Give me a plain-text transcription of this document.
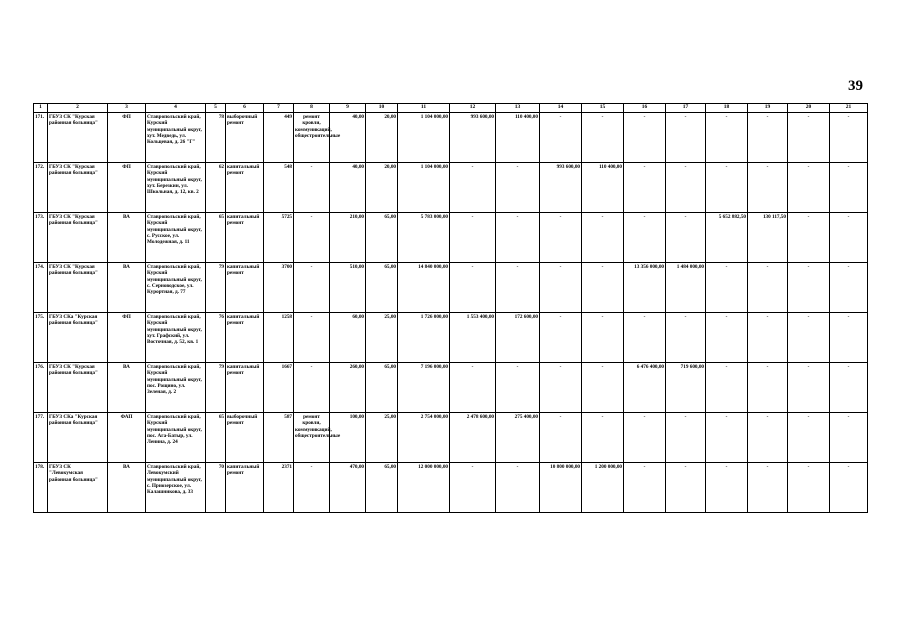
39
1	2	3	4	5	6	7	8	9	10	11	12	13	14	15	16	17	18	19	20	21
171.	ГБУЗ СК "Курская районная больница"	ФП	Ставропольский край, Курский муниципальный округ, хут. Медведь, ул. Кольцевая, д. 26 "Г"	78	выборочный ремонт	449	ремонт кровли, коммуникаций, общестроительные	40,00	20,00	1 104 000,00	993 600,00	110 400,00	-	-	-	-	-	-	-	-
172.	ГБУЗ СК "Курская районная больница"	ФП	Ставропольский край, Курский муниципальный округ, хут. Березкин, ул. Школьная, д. 12, кв. 2	62	капитальный ремонт	548	-	40,00	20,00	1 104 000,00	-	-	993 600,00	110 400,00	-	-	-	-	-	-
173.	ГБУЗ СК "Курская районная больница"	ВА	Ставропольский край, Курский муниципальный округ, с. Русское, ул. Молодежная, д. 11	65	капитальный ремонт	5725	-	210,00	65,00	5 783 000,00	-	-	-	-	-	-	5 652 882,50	130 117,50	-	-
174.	ГБУЗ СК "Курская районная больница"	ВА	Ставропольский край, Курский муниципальный округ, с. Серноводское, ул. Курортная, д. 77	79	капитальный ремонт	3700	-	510,00	65,00	14 840 000,00	-	-	-	-	13 356 000,00	1 484 000,00	-	-	-	-
175.	ГБУЗ СКа "Курская районная больница"	ФП	Ставропольский край, Курский муниципальный округ, хут. Графский, ул. Восточная, д. 52, кв. 1	76	капитальный ремонт	1258	-	60,00	25,00	1 726 000,00	1 553 400,00	172 600,00	-	-	-	-	-	-	-	-
176.	ГБУЗ СК "Курская районная больница"	ВА	Ставропольский край, Курский муниципальный округ, пос. Рощино, ул. Зеленая, д. 2	79	капитальный ремонт	1667	-	260,00	65,00	7 196 000,00	-	-	-	-	6 476 400,00	719 600,00	-	-	-	-
177.	ГБУЗ СКа "Курская районная больница"	ФАП	Ставропольский край, Курский муниципальный округ, пос. Ага-Батыр, ул. Ленина, д. 24	65	выборочный ремонт	587	ремонт кровли, коммуникаций, общестроительные	100,00	25,00	2 754 000,00	2 478 600,00	275 400,00	-	-	-	-	-	-	-	-
178.	ГБУЗ СК "Левокумская районная больница"	ВА	Ставропольский край, Левокумский муниципальный округ, с. Приозерское, ул. Калашникова, д. 33	70	капитальный ремонт	2371	-	470,00	65,00	12 000 000,00	-	-	10 800 000,00	1 200 000,00	-	-	-	-	-	-
